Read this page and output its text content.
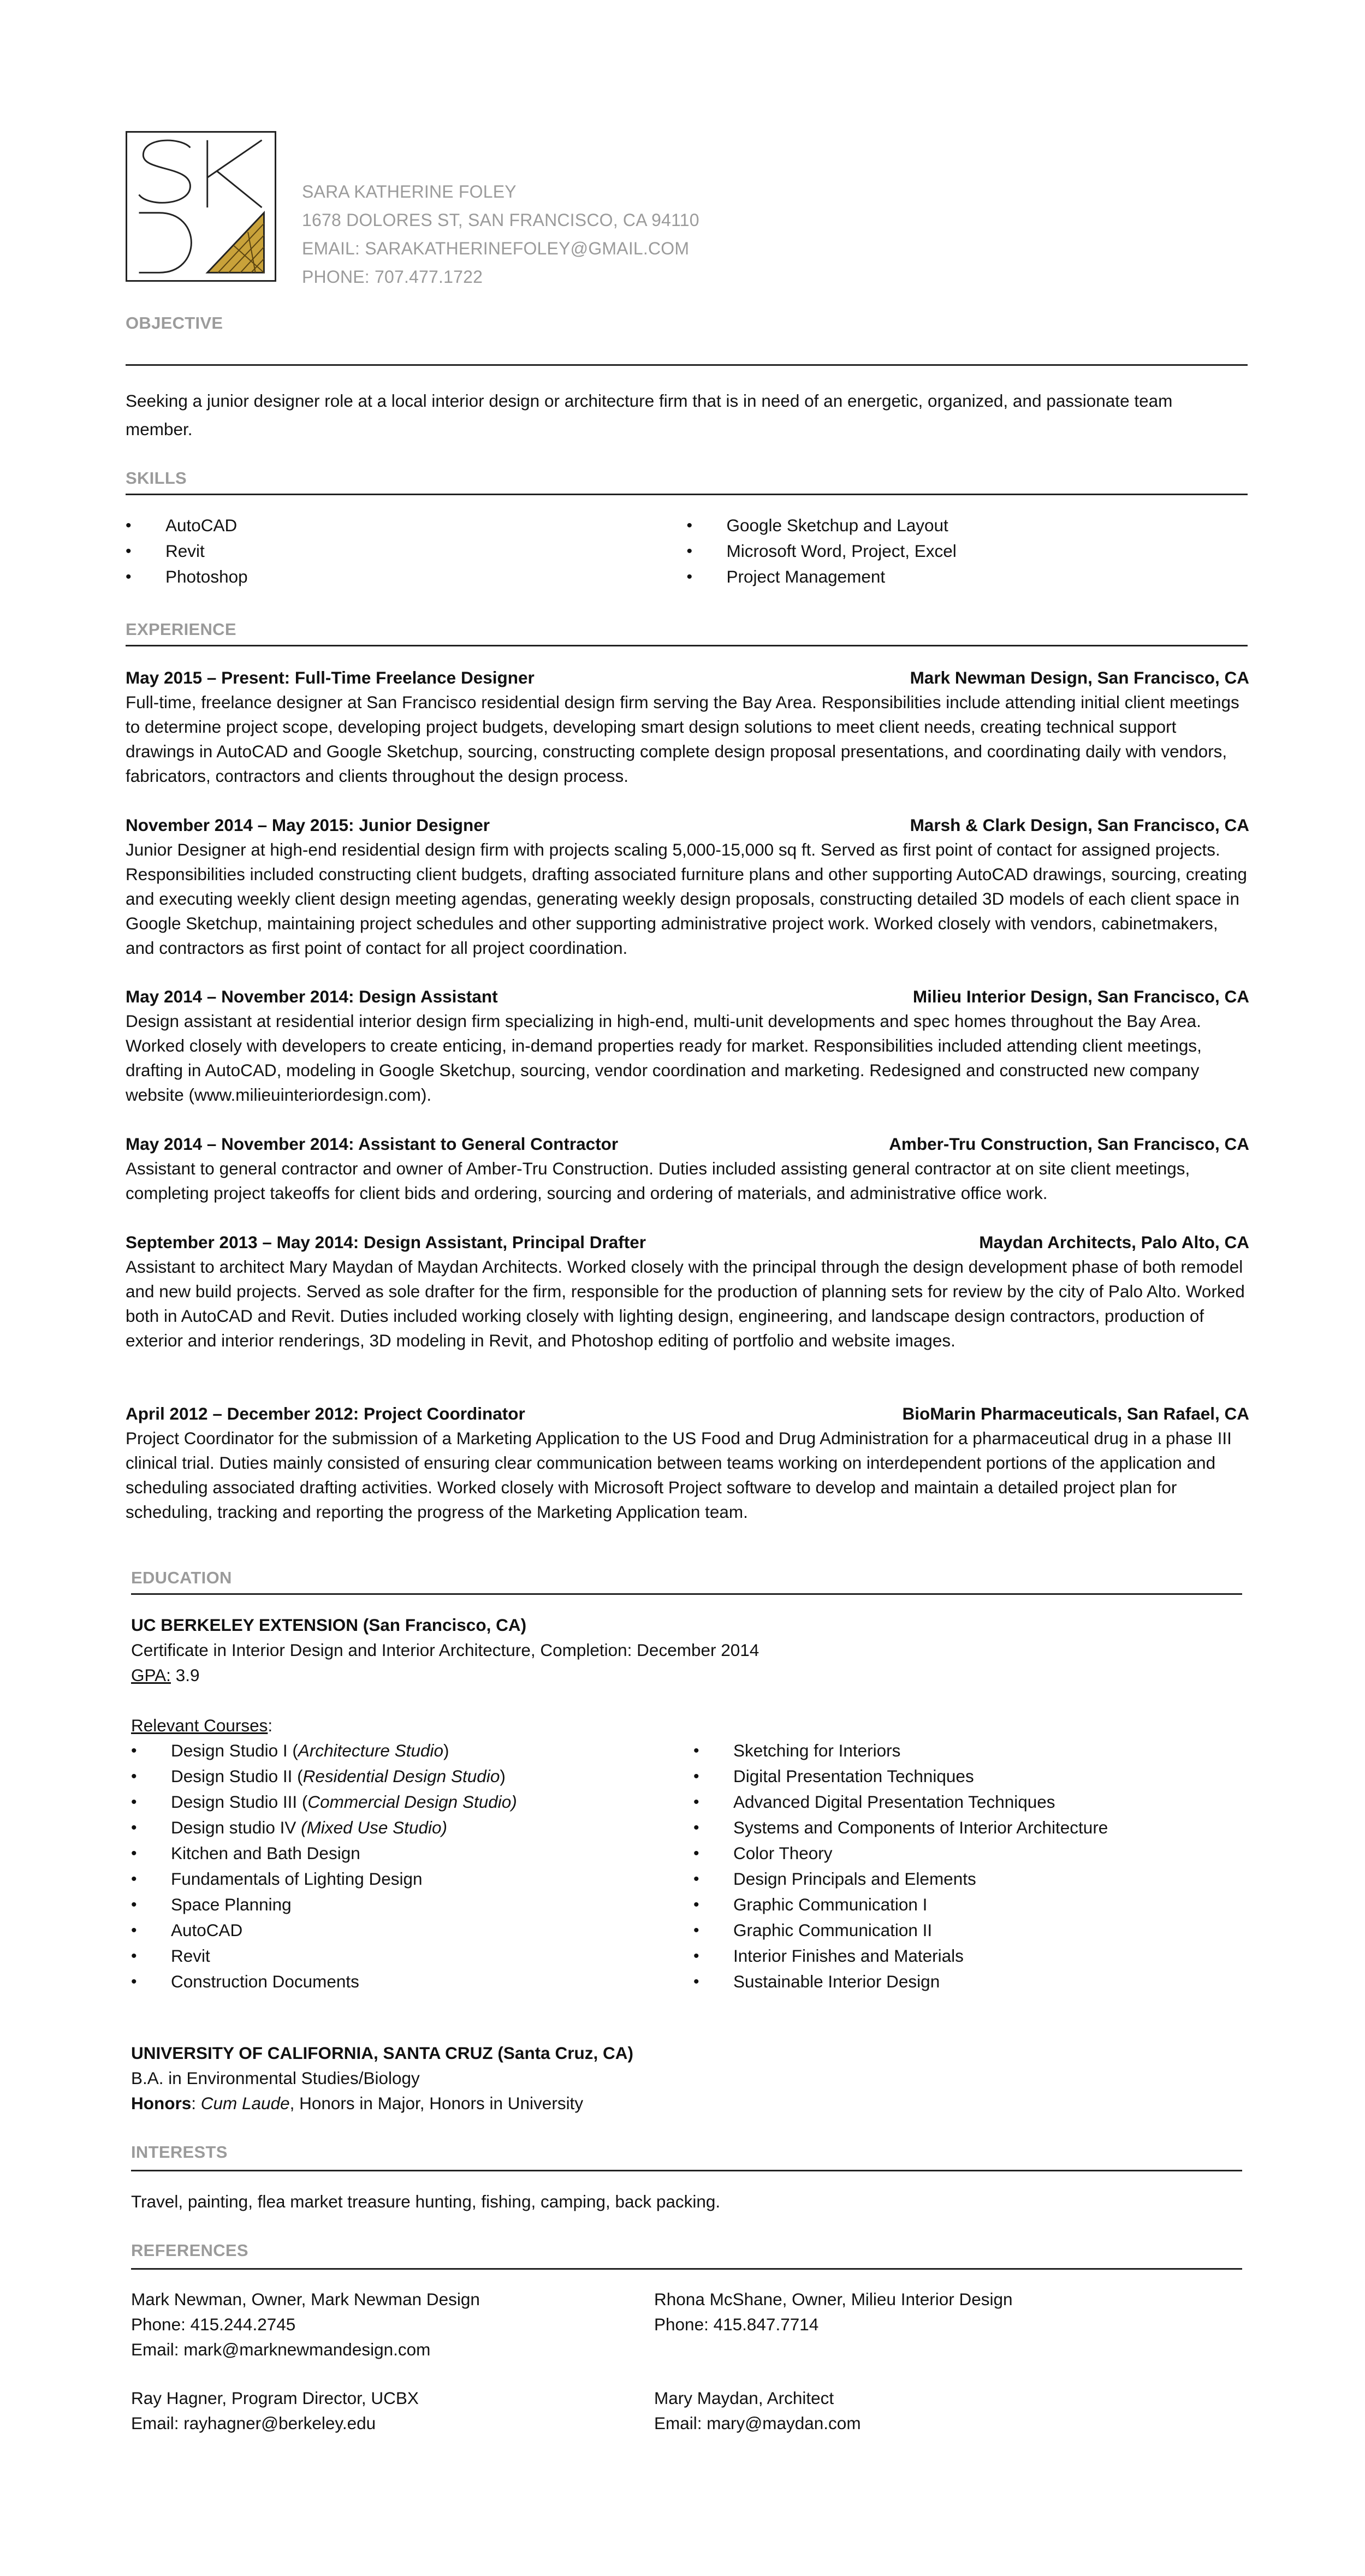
SARA KATHERINE FOLEY
1678 DOLORES ST, SAN FRANCISCO, CA 94110
EMAIL: SARAKATHERINEFOLEY@GMAIL.COM
PHONE: 707.477.1722
OBJECTIVE
Seeking a junior designer role at a local interior design or architecture firm that is in need of an energetic, organized, and passionate team member.
SKILLS
• AutoCAD
• Revit
• Photoshop
• Google Sketchup and Layout
• Microsoft Word, Project, Excel
• Project Management
EXPERIENCE
May 2015 – Present: Full-Time Freelance Designer	Mark Newman Design, San Francisco, CA
Full-time, freelance designer at San Francisco residential design firm serving the Bay Area. Responsibilities include attending initial client meetings to determine project scope, developing project budgets, developing smart design solutions to meet client needs, creating technical support drawings in AutoCAD and Google Sketchup, sourcing, constructing complete design proposal presentations, and coordinating daily with vendors, fabricators, contractors and clients throughout the design process.
November 2014 – May 2015: Junior Designer	Marsh & Clark Design, San Francisco, CA
Junior Designer at high-end residential design firm with projects scaling 5,000-15,000 sq ft. Served as first point of contact for assigned projects. Responsibilities included constructing client budgets, drafting associated furniture plans and other supporting AutoCAD drawings, sourcing, creating and executing weekly client design meeting agendas, generating weekly design proposals, constructing detailed 3D models of each client space in Google Sketchup, maintaining project schedules and other supporting administrative project work. Worked closely with vendors, cabinetmakers, and contractors as first point of contact for all project coordination.
May 2014 – November 2014: Design Assistant	Milieu Interior Design, San Francisco, CA
Design assistant at residential interior design firm specializing in high-end, multi-unit developments and spec homes throughout the Bay Area. Worked closely with developers to create enticing, in-demand properties ready for market. Responsibilities included attending client meetings, drafting in AutoCAD, modeling in Google Sketchup, sourcing, vendor coordination and marketing. Redesigned and constructed new company website (www.milieuinteriordesign.com).
May 2014 – November 2014: Assistant to General Contractor	Amber-Tru Construction, San Francisco, CA
Assistant to general contractor and owner of Amber-Tru Construction. Duties included assisting general contractor at on site client meetings, completing project takeoffs for client bids and ordering, sourcing and ordering of materials, and administrative office work.
September 2013 – May 2014: Design Assistant, Principal Drafter	Maydan Architects, Palo Alto, CA
Assistant to architect Mary Maydan of Maydan Architects. Worked closely with the principal through the design development phase of both remodel and new build projects. Served as sole drafter for the firm, responsible for the production of planning sets for review by the city of Palo Alto. Worked both in AutoCAD and Revit. Duties included working closely with lighting design, engineering, and landscape design contractors, production of exterior and interior renderings, 3D modeling in Revit, and Photoshop editing of portfolio and website images.
April 2012 – December 2012: Project Coordinator	BioMarin Pharmaceuticals, San Rafael, CA
Project Coordinator for the submission of a Marketing Application to the US Food and Drug Administration for a pharmaceutical drug in a phase III clinical trial. Duties mainly consisted of ensuring clear communication between teams working on interdependent portions of the application and scheduling associated drafting activities. Worked closely with Microsoft Project software to develop and maintain a detailed project plan for scheduling, tracking and reporting the progress of the Marketing Application team.
EDUCATION
UC BERKELEY EXTENSION (San Francisco, CA)
Certificate in Interior Design and Interior Architecture, Completion: December 2014
GPA: 3.9
Relevant Courses:
• Design Studio I (Architecture Studio)
• Design Studio II (Residential Design Studio)
• Design Studio III (Commercial Design Studio)
• Design studio IV (Mixed Use Studio)
• Kitchen and Bath Design
• Fundamentals of Lighting Design
• Space Planning
• AutoCAD
• Revit
• Construction Documents
• Sketching for Interiors
• Digital Presentation Techniques
• Advanced Digital Presentation Techniques
• Systems and Components of Interior Architecture
• Color Theory
• Design Principals and Elements
• Graphic Communication I
• Graphic Communication II
• Interior Finishes and Materials
• Sustainable Interior Design
UNIVERSITY OF CALIFORNIA, SANTA CRUZ (Santa Cruz, CA)
B.A. in Environmental Studies/Biology
Honors: Cum Laude, Honors in Major, Honors in University
INTERESTS
Travel, painting, flea market treasure hunting, fishing, camping, back packing.
REFERENCES
Mark Newman, Owner, Mark Newman Design
Phone: 415.244.2745
Email: mark@marknewmandesign.com
Rhona McShane, Owner, Milieu Interior Design
Phone: 415.847.7714
Ray Hagner, Program Director, UCBX
Email: rayhagner@berkeley.edu
Mary Maydan, Architect
Email: mary@maydan.com
